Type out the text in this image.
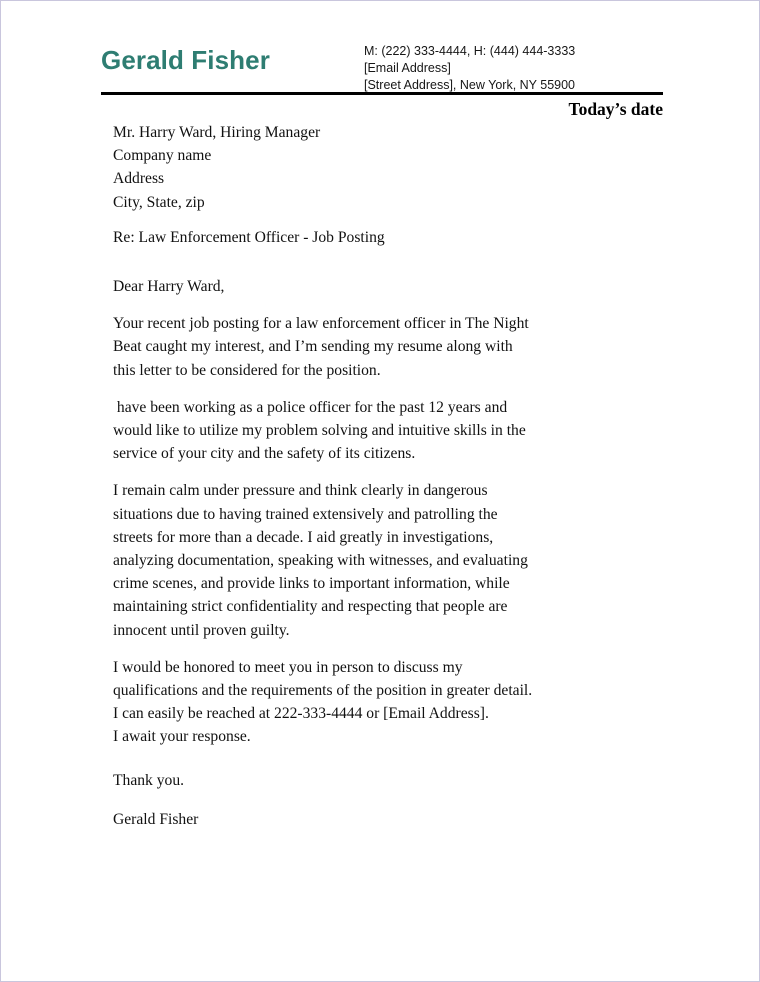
Gerald Fisher	M: (222) 333-4444, H: (444) 444-3333
[Email Address]
[Street Address], New York, NY 55900
Today’s date
Mr. Harry Ward, Hiring Manager
Company name
Address
City, State, zip
Re: Law Enforcement Officer - Job Posting
Dear Harry Ward,
Your recent job posting for a law enforcement officer in The Night
Beat caught my interest, and I’m sending my resume along with
this letter to be considered for the position.
have been working as a police officer for the past 12 years and
would like to utilize my problem solving and intuitive skills in the
service of your city and the safety of its citizens.
I remain calm under pressure and think clearly in dangerous
situations due to having trained extensively and patrolling the
streets for more than a decade. I aid greatly in investigations,
analyzing documentation, speaking with witnesses, and evaluating
crime scenes, and provide links to important information, while
maintaining strict confidentiality and respecting that people are
innocent until proven guilty.
I would be honored to meet you in person to discuss my
qualifications and the requirements of the position in greater detail.
I can easily be reached at 222-333-4444 or [Email Address].
I await your response.
Thank you.
Gerald Fisher
